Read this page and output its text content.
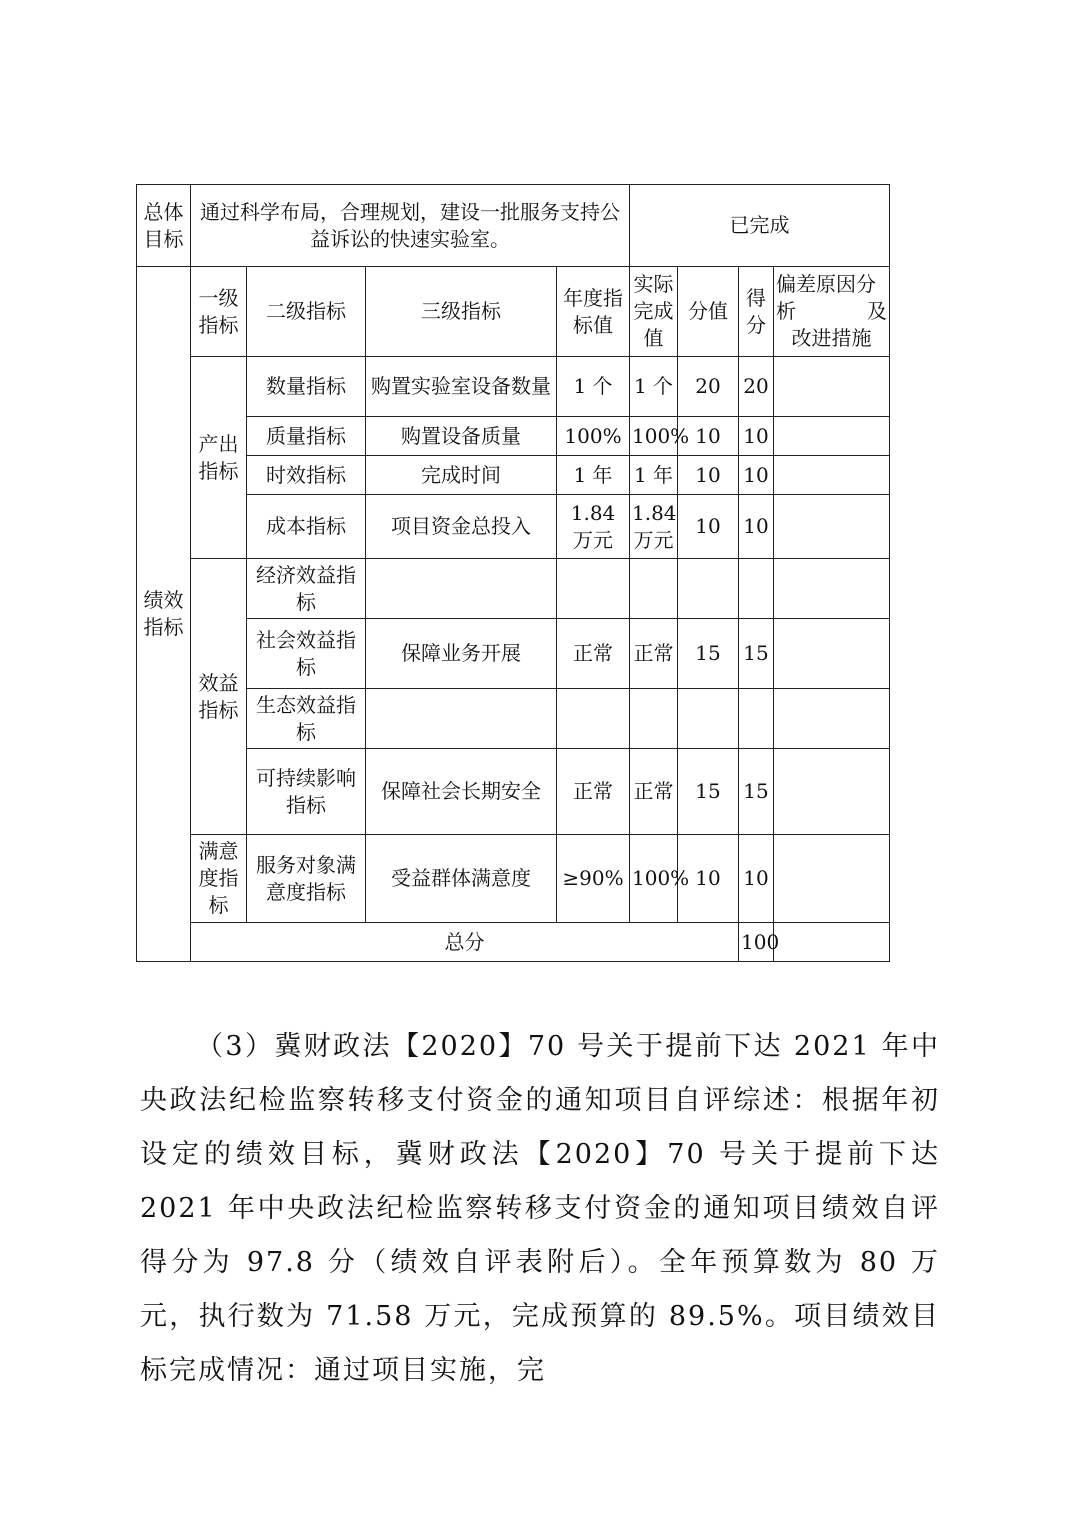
总体目标	通过科学布局，合理规划，建设一批服务支持公益诉讼的快速实验室。				已完成				
绩效指标	一级指标	二级指标	三级指标	年度指标值	实际完成值	分值	得分	偏差原因分
析 及
改进措施	

	产出指标	数量指标	购置实验室设备数量	1 个	1 个	20	20		
		质量指标	购置设备质量	100%	100%	10	10		
		时效指标	完成时间	1 年	1 年	10	10		
		成本指标	项目资金总投入	1.84 万元	1.84 万元	10	10		
	效益指标	经济效益指标							
		社会效益指标	保障业务开展	正常	正常	15	15		
		生态效益指标							
		可持续影响指标	保障社会长期安全	正常	正常	15	15		
	满意度指标	服务对象满意度指标	受益群体满意度	≥90%	100%	10	10		
	总分						100		

（3）冀财政法【2020】70 号关于提前下达 2021 年中央政法纪检监察转移支付资金的通知项目自评综述：根据年初设定的绩效目标，冀财政法【2020】70 号关于提前下达 2021 年中央政法纪检监察转移支付资金的通知项目绩效自评得分为 97.8 分（绩效自评表附后）。全年预算数为 80 万元，执行数为 71.58 万元，完成预算的 89.5%。项目绩效目标完成情况：通过项目实施，完
